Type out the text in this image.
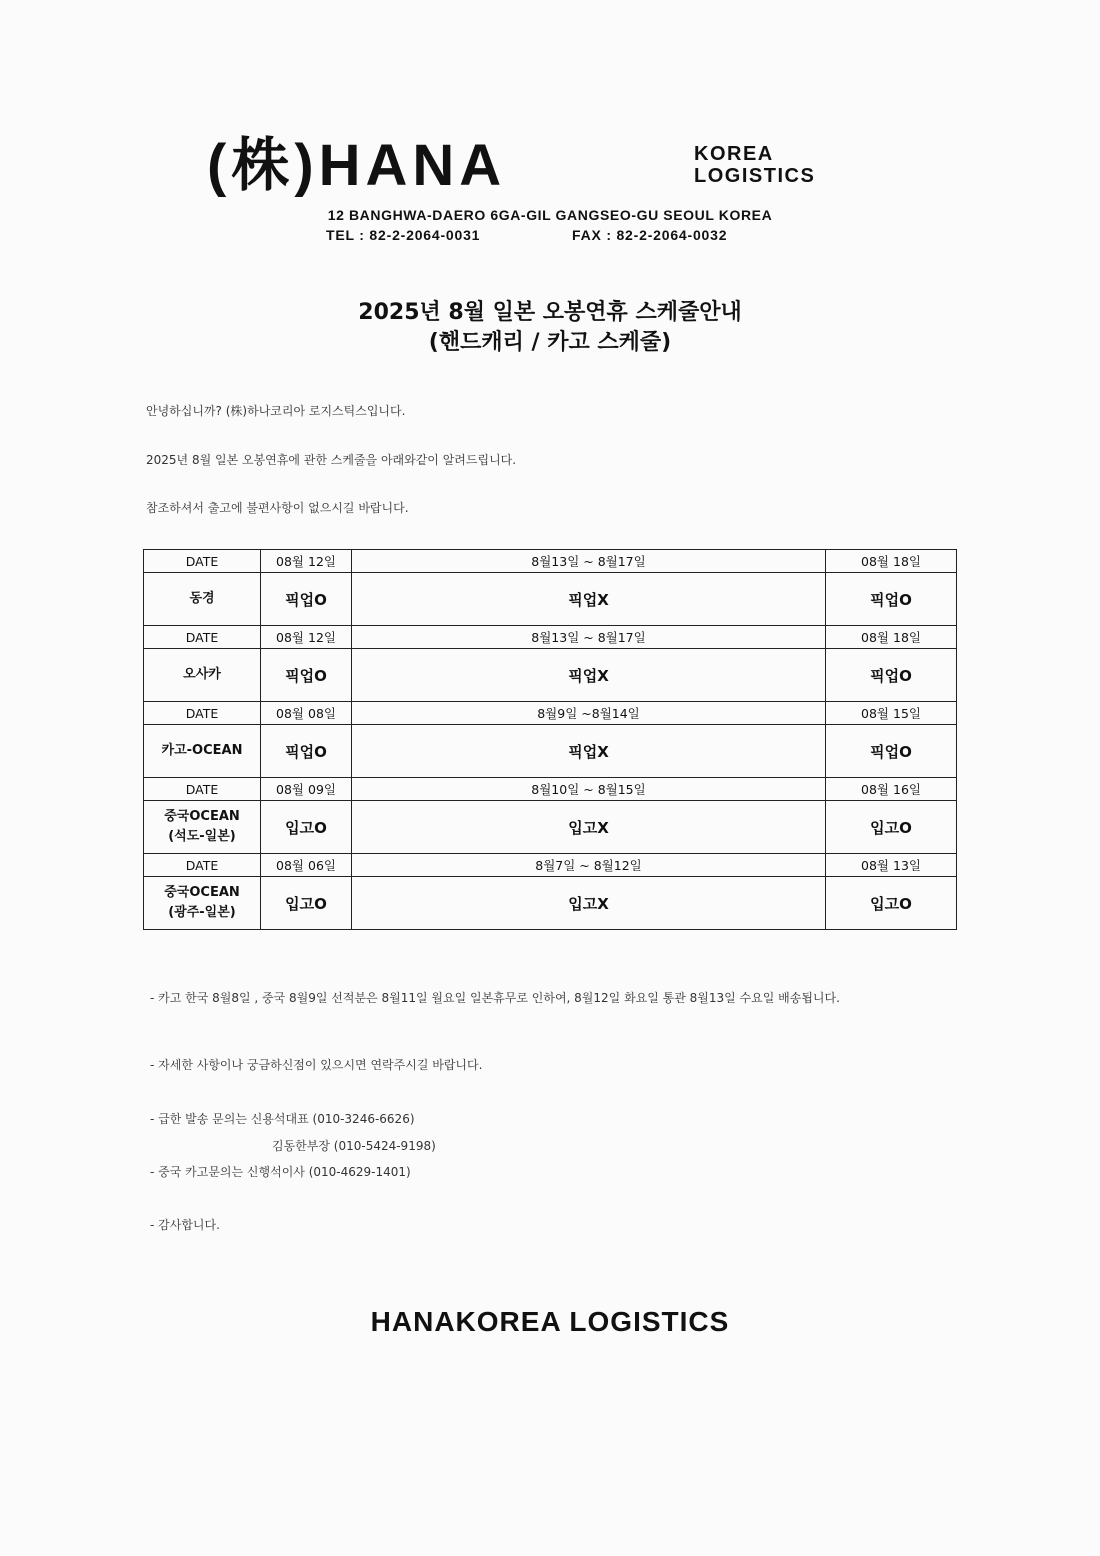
(株)HANA	KOREA
LOGISTICS
12 BANGHWA-DAERO 6GA-GIL GANGSEO-GU SEOUL KOREA
TEL : 82-2-2064-0031	FAX : 82-2-2064-0032
2025년 8월 일본 오봉연휴 스케줄안내
(핸드캐리 / 카고 스케줄)
안녕하십니까? (株)하나코리아 로지스틱스입니다.
2025년 8월 일본 오봉연휴에 관한 스케줄을 아래와같이 알려드립니다.
참조하셔서 출고에 불편사항이 없으시길 바랍니다.
DATE	08월 12일	8월13일 ~ 8월17일	08월 18일

동경	픽업O	픽업X	픽업O
DATE	08월 12일	8월13일 ~ 8월17일	08월 18일

오사카	픽업O	픽업X	픽업O
DATE	08월 08일	8월9일 ~8월14일	08월 15일

카고-OCEAN	픽업O	픽업X	픽업O
DATE	08월 09일	8월10일 ~ 8월15일	08월 16일

중국OCEAN
(석도-일본)	입고O	입고X	입고O
DATE	08월 06일	8월7일 ~ 8월12일	08월 13일

중국OCEAN
(광주-일본)	입고O	입고X	입고O
- 카고 한국 8월8일 , 중국 8월9일 선적분은 8월11일 월요일 일본휴무로 인하여, 8월12일 화요일 통관 8월13일 수요일 배송됩니다.
- 자세한 사항이나 궁금하신점이 있으시면 연락주시길 바랍니다.
- 급한 발송 문의는 신용석대표 (010-3246-6626)
김동한부장 (010-5424-9198)
- 중국 카고문의는 신행석이사 (010-4629-1401)
- 감사합니다.
HANAKOREA LOGISTICS
